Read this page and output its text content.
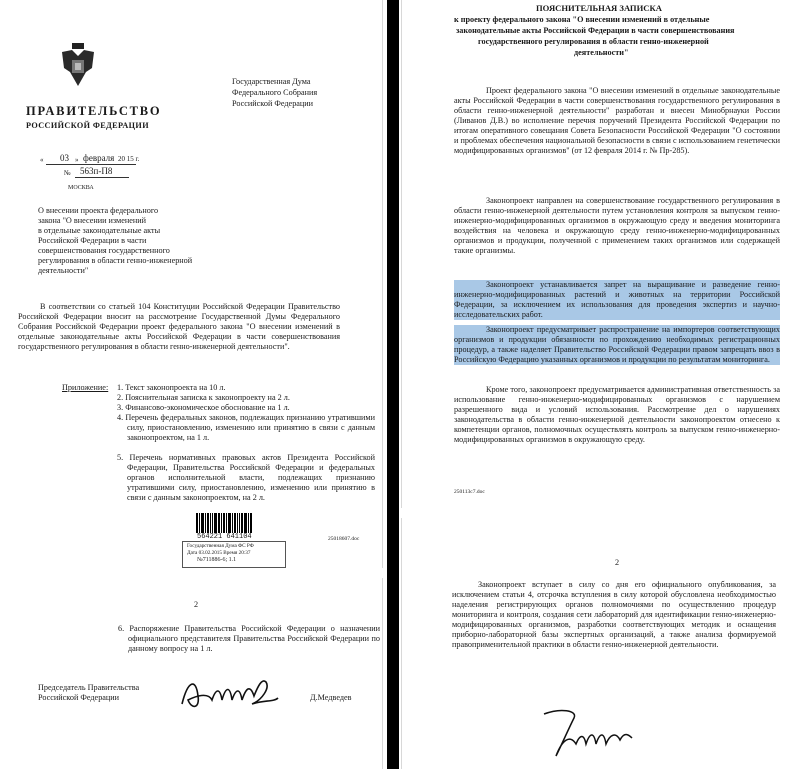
ПРАВИТЕЛЬСТВО
РОССИЙСКОЙ ФЕДЕРАЦИИ
Государственная Дума
Федерального Собрания
Российской Федерации
« 03 » февраля 20 15 г.
№ 563п-П8
МОСКВА
О внесении проекта федерального
закона "О внесении изменений
в отдельные законодательные акты
Российской Федерации в части
совершенствования государственного
регулирования в области генно-инженерной
деятельности"
В соответствии со статьей 104 Конституции Российской Федерации Правительство Российской Федерации вносит на рассмотрение Государственной Думы Федерального Собрания Российской Федерации проект федерального закона "О внесении изменений в отдельные законодательные акты Российской Федерации в части совершенствования государственного регулирования в области генно-инженерной деятельности".
Приложение: 1. Текст законопроекта на 10 л.
2. Пояснительная записка к законопроекту на 2 л.
3. Финансово-экономическое обоснование на 1 л.
4. Перечень федеральных законов, подлежащих признанию утратившими силу, приостановлению, изменению или принятию в связи с данным законопроектом, на 1 л.
5. Перечень нормативных правовых актов Президента Российской Федерации, Правительства Российской Федерации и федеральных органов исполнительной власти, подлежащих признанию утратившими силу, приостановлению, изменению или принятию в связи с данным законопроектом, на 2 л.
564221 641104
Государственная Дума ФС РФ
Дата 03.02.2015 Время 20:37
№711886-6; 1.1
25018607.doc
2
6. Распоряжение Правительства Российской Федерации о назначении официального представителя Правительства Российской Федерации по данному вопросу на 1 л.
Председатель Правительства
Российской Федерации	Д.Медведев
ПОЯСНИТЕЛЬНАЯ ЗАПИСКА
к проекту федерального закона "О внесении изменений в отдельные
законодательные акты Российской Федерации в части совершенствования
государственного регулирования в области генно-инженерной
деятельности"
Проект федерального закона "О внесении изменений в отдельные законодательные акты Российской Федерации в части совершенствования государственного регулирования в области генно-инженерной деятельности" разработан и внесен Минобрнауки России (Ливанов Д.В.) во исполнение перечня поручений Президента Российской Федерации по итогам оперативного совещания Совета Безопасности Российской Федерации "О состоянии и проблемах обеспечения национальной безопасности в связи с использованием генетически модифицированных организмов" (от 12 февраля 2014 г. № Пр-285).
Законопроект направлен на совершенствование государственного регулирования в области генно-инженерной деятельности путем установления контроля за выпуском генно-инженерно-модифицированных организмов в окружающую среду и введения мониторинга воздействия на человека и окружающую среду генно-инженерно-модифицированных организмов и продукции, полученной с применением таких организмов или содержащей такие организмы.
Законопроект устанавливается запрет на выращивание и разведение генно-инженерно-модифицированных растений и животных на территории Российской Федерации, за исключением их использования для проведения экспертиз и научно-исследовательских работ.
Законопроект предусматривает распространение на импортеров соответствующих организмов и продукции обязанности по прохождению необходимых регистрационных процедур, а также наделяет Правительство Российской Федерации правом запрещать ввоз в Российскую Федерацию указанных организмов и продукции по результатам мониторинга.
Кроме того, законопроект предусматривается административная ответственность за использование генно-инженерно-модифицированных организмов с нарушением разрешенного вида и условий использования. Рассмотрение дел о нарушениях законодательства в области генно-инженерной деятельности законопроектом отнесено к компетенции органов, полномочных осуществлять контроль за выпуском генно-инженерно-модифицированных организмов в окружающую среду.
250113c7.doc
2
Законопроект вступает в силу со дня его официального опубликования, за исключением статьи 4, отсрочка вступления в силу которой обусловлена необходимостью наделения регистрирующих органов полномочиями по осуществлению процедур мониторинга и контроля, создания сети лабораторий для идентификации генно-инженерно-модифицированных организмов, разработки соответствующих методик и оснащения приборно-лабораторной базы экспертных организаций, а также анализа формируемой правоприменительной практики в области генно-инженерной деятельности.
